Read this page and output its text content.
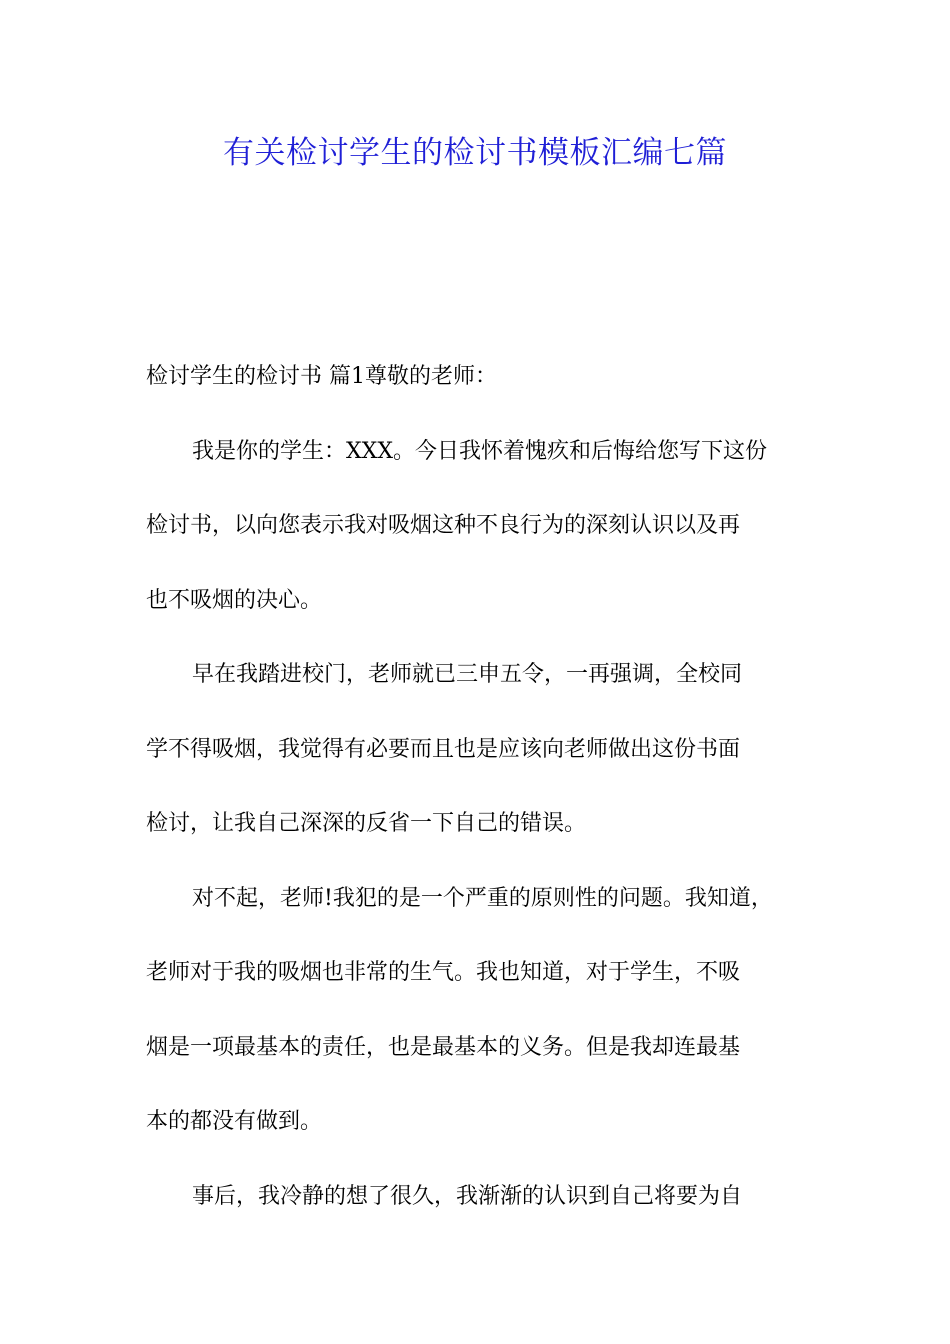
有关检讨学生的检讨书模板汇编七篇
检讨学生的检讨书 篇1尊敬的老师：
我是你的学生：XXX。今日我怀着愧疚和后悔给您写下这份
检讨书，以向您表示我对吸烟这种不良行为的深刻认识以及再
也不吸烟的决心。
早在我踏进校门，老师就已三申五令，一再强调，全校同
学不得吸烟，我觉得有必要而且也是应该向老师做出这份书面
检讨，让我自己深深的反省一下自己的错误。
对不起，老师!我犯的是一个严重的原则性的问题。我知道，
老师对于我的吸烟也非常的生气。我也知道，对于学生，不吸
烟是一项最基本的责任，也是最基本的义务。但是我却连最基
本的都没有做到。
事后，我冷静的想了很久，我渐渐的认识到自己将要为自
